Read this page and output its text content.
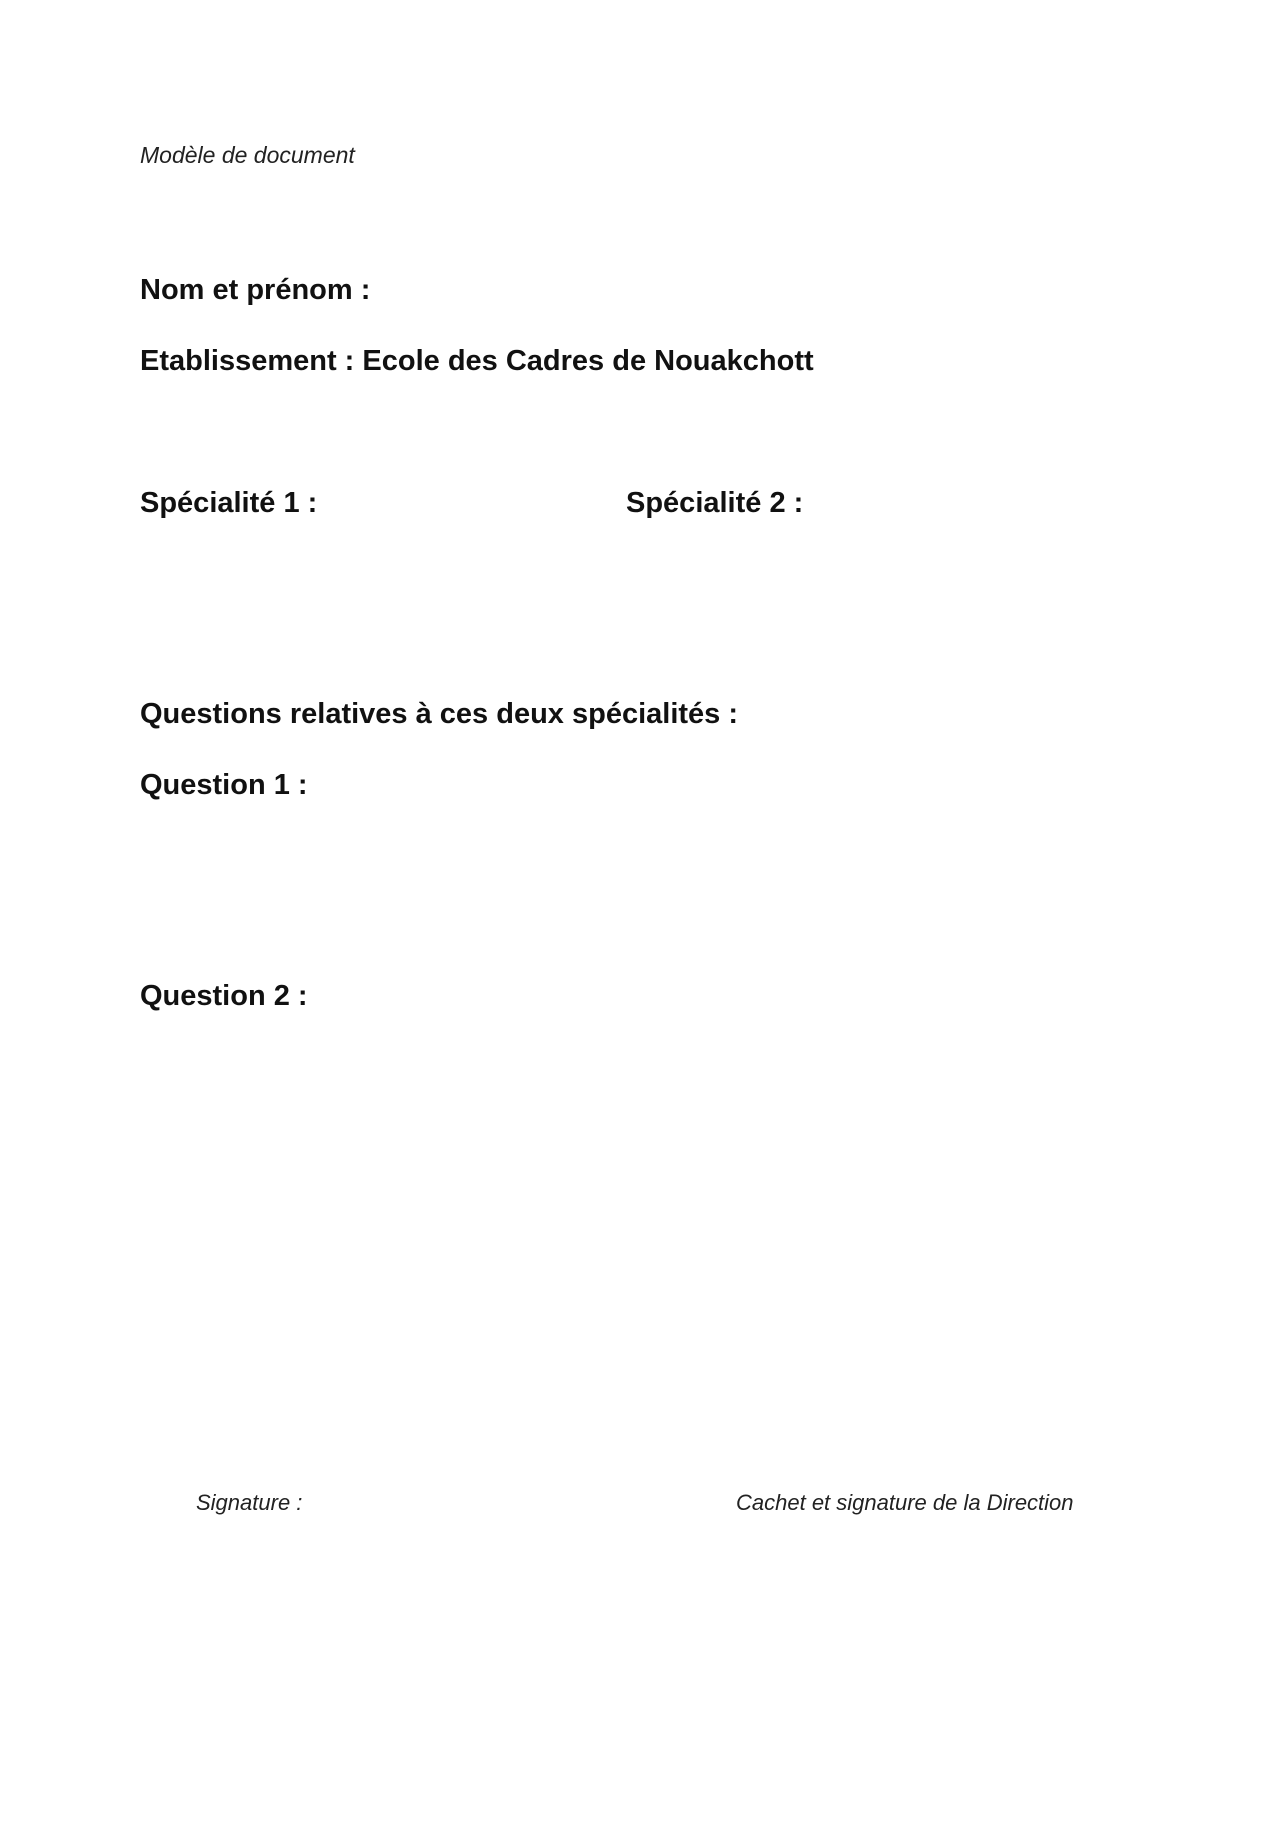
Modèle de document
Nom et prénom :
Etablissement : Ecole des Cadres de Nouakchott
Spécialité 1 :	Spécialité 2 :
Questions relatives à ces deux spécialités :
Question 1 :
Question 2 :
Signature :	Cachet et signature de la Direction
